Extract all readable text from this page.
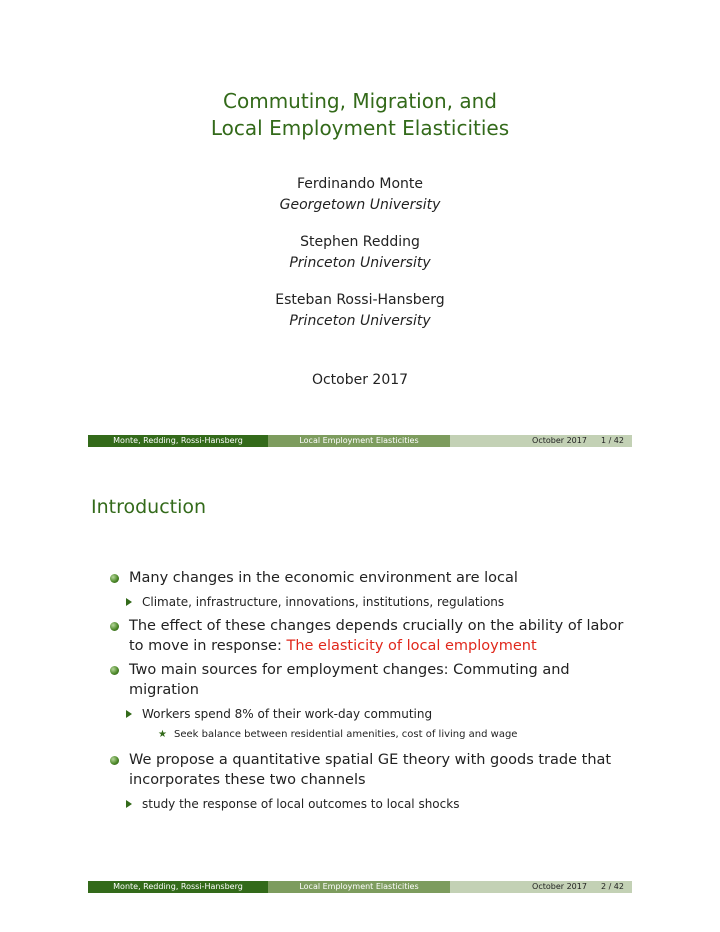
Commuting, Migration, and
Local Employment Elasticities
Ferdinando Monte
Georgetown University
Stephen Redding
Princeton University
Esteban Rossi-Hansberg
Princeton University
October 2017
Monte, Redding, Rossi-Hansberg	Local Employment Elasticities	October 2017 1 / 42
Introduction
Many changes in the economic environment are local
Climate, infrastructure, innovations, institutions, regulations
The effect of these changes depends crucially on the ability of labor to move in response: The elasticity of local employment
Two main sources for employment changes: Commuting and migration
Workers spend 8% of their work-day commuting
★ Seek balance between residential amenities, cost of living and wage
We propose a quantitative spatial GE theory with goods trade that incorporates these two channels
study the response of local outcomes to local shocks
Monte, Redding, Rossi-Hansberg	Local Employment Elasticities	October 2017 2 / 42
